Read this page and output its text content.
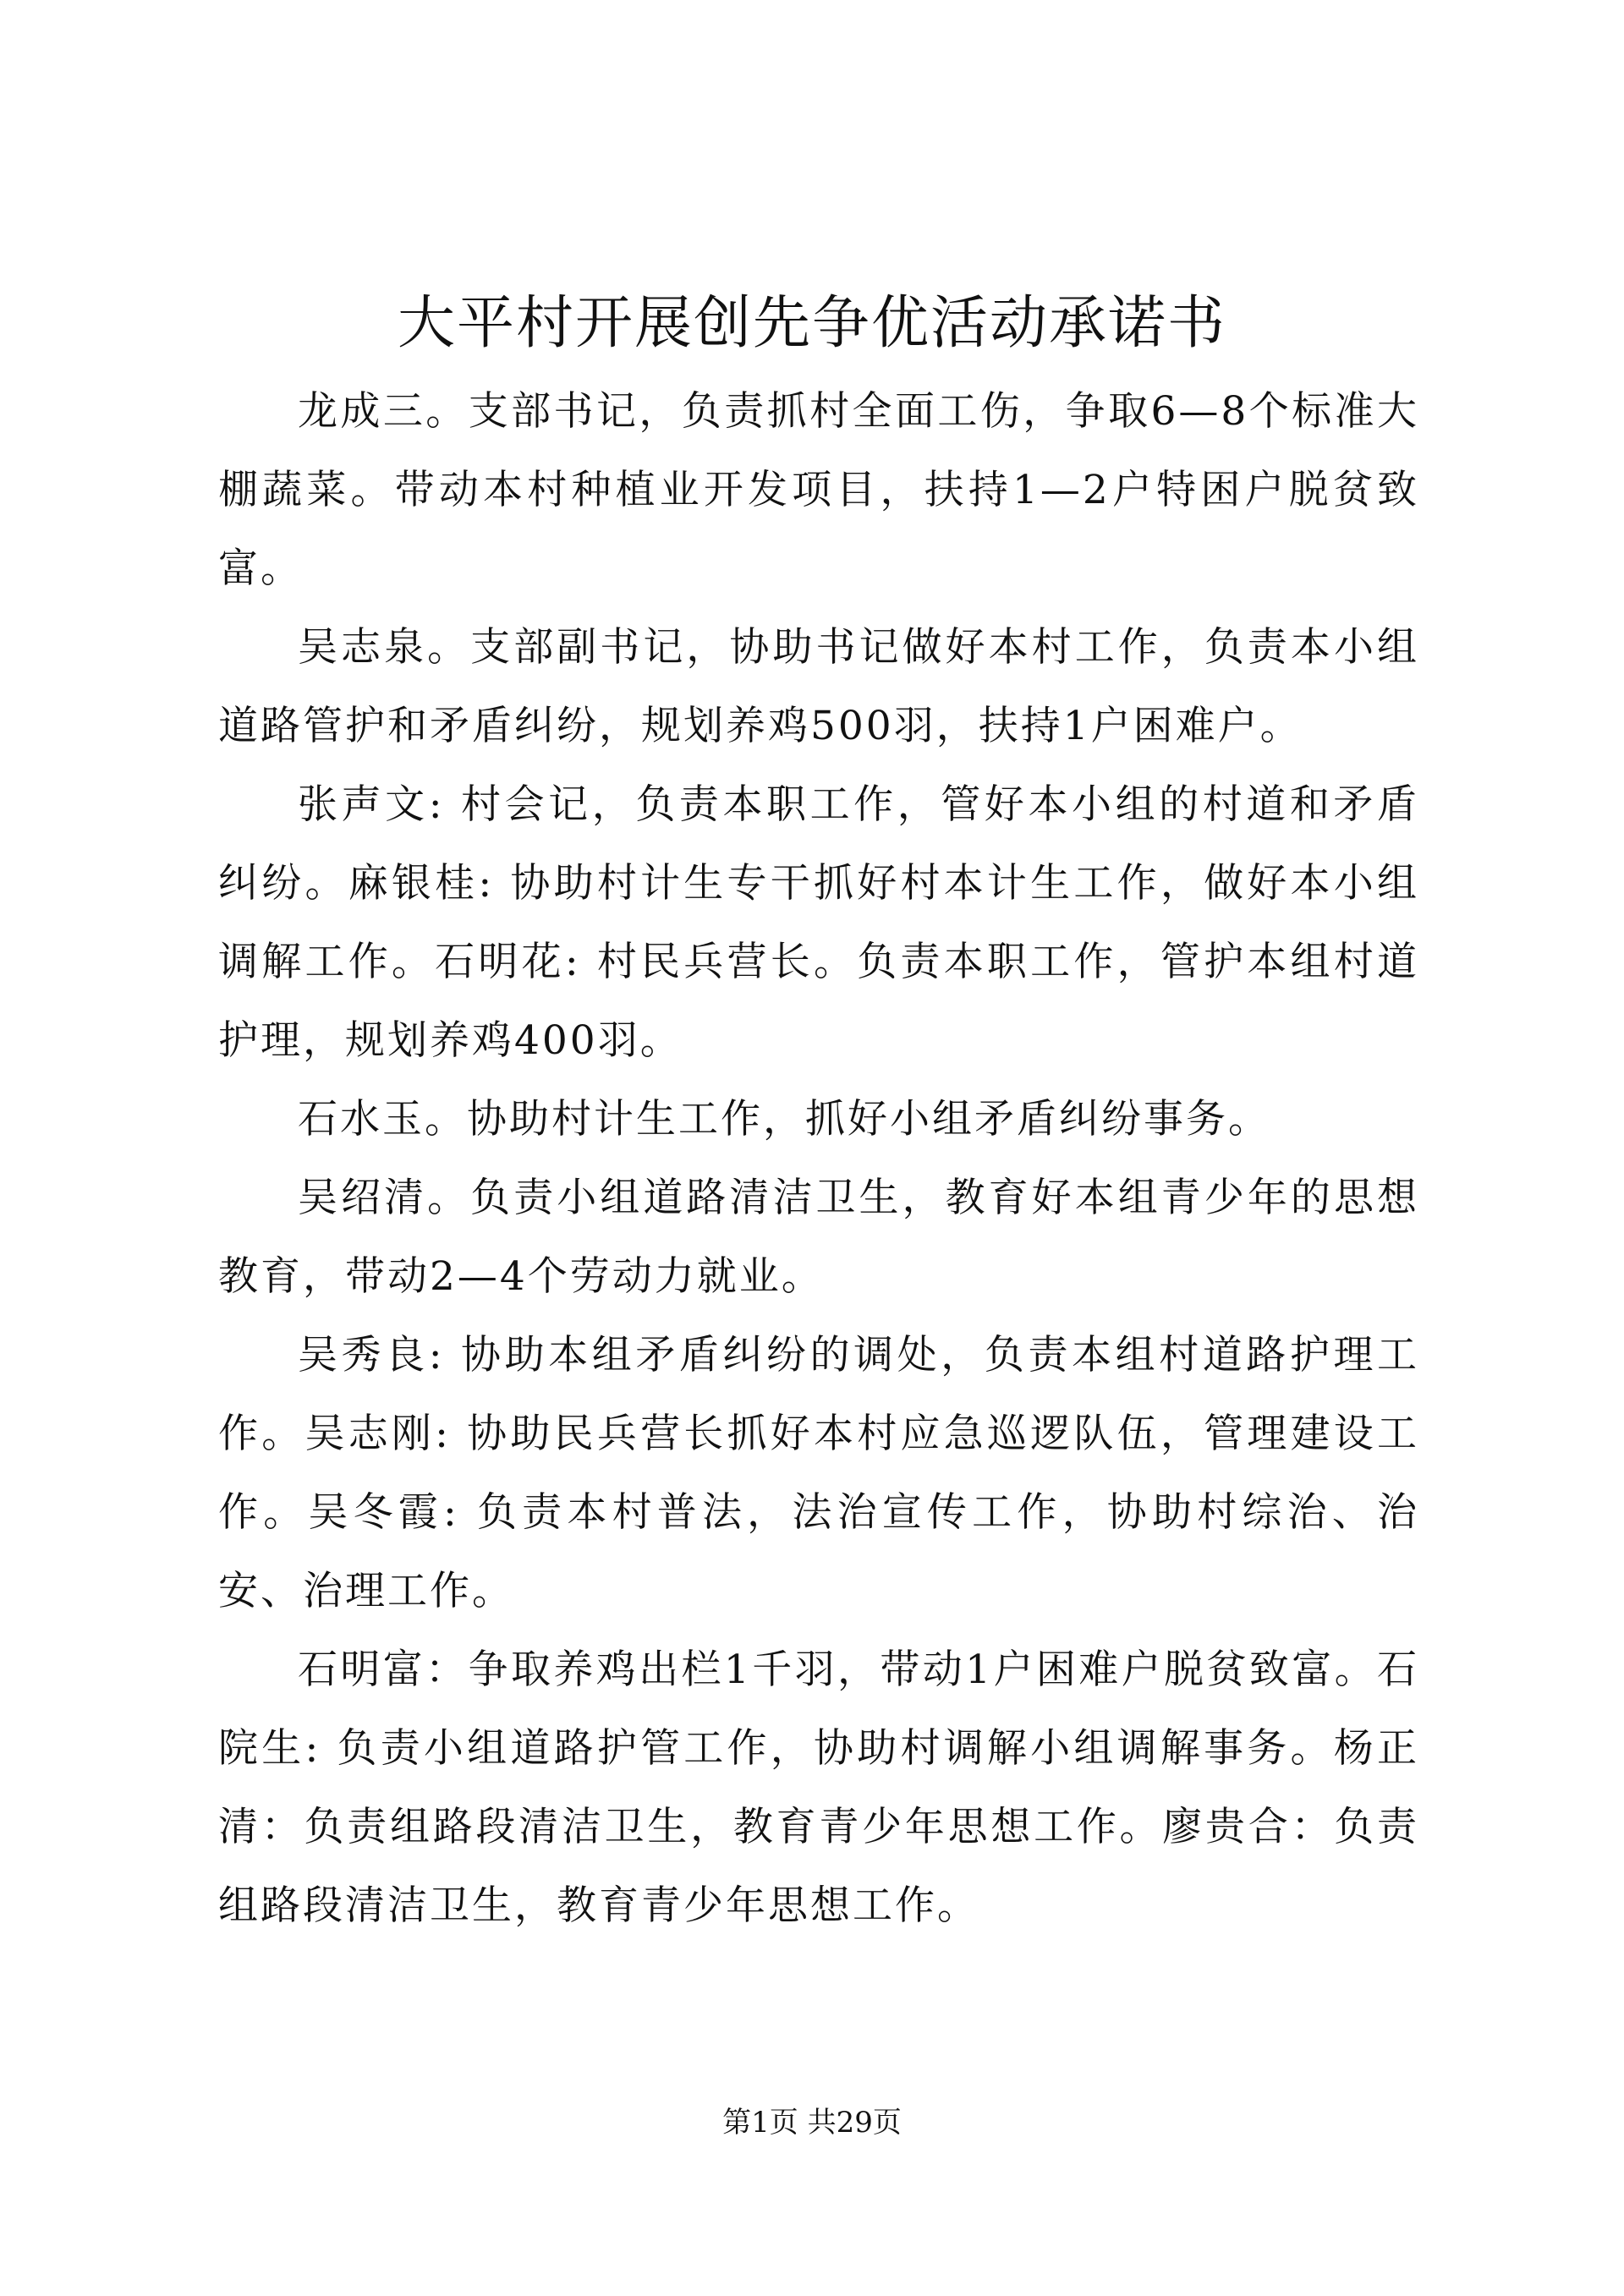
大平村开展创先争优活动承诺书

龙成三。支部书记，负责抓村全面工伤，争取6—8个标准大棚蔬菜。带动本村种植业开发项目，扶持1—2户特困户脱贫致富。

吴志泉。支部副书记，协助书记做好本村工作，负责本小组道路管护和矛盾纠纷，规划养鸡500羽，扶持1户困难户。

张声文: 村会记，负责本职工作，管好本小组的村道和矛盾纠纷。麻银桂: 协助村计生专干抓好村本计生工作，做好本小组调解工作。石明花: 村民兵营长。负责本职工作，管护本组村道护理，规划养鸡400羽。

石水玉。协助村计生工作，抓好小组矛盾纠纷事务。

吴绍清。负责小组道路清洁卫生，教育好本组青少年的思想教育，带动2—4个劳动力就业。

吴秀良: 协助本组矛盾纠纷的调处，负责本组村道路护理工作。吴志刚: 协助民兵营长抓好本村应急巡逻队伍，管理建设工作。吴冬霞: 负责本村普法，法治宣传工作，协助村综治、治安、治理工作。

石明富：争取养鸡出栏1千羽，带动1户困难户脱贫致富。石院生: 负责小组道路护管工作，协助村调解小组调解事务。杨正清：负责组路段清洁卫生，教育青少年思想工作。廖贵合：负责组路段清洁卫生，教育青少年思想工作。

第1页 共29页
